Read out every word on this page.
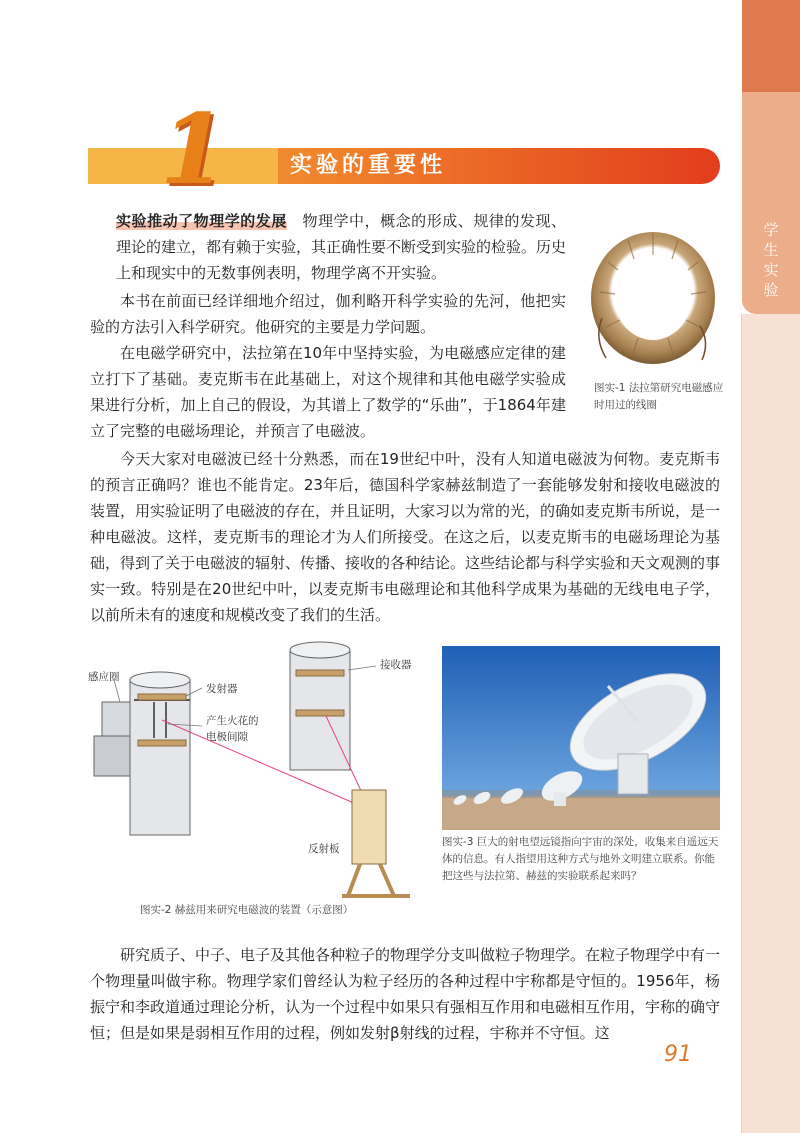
学
生
实
验
1	实验的重要性
实验推动了物理学的发展　 物理学中，概念的形成、规律的发现、理论的建立，都有赖于实验，其正确性要不断受到实验的检验。历史上和现实中的无数事例表明，物理学离不开实验。
本书在前面已经详细地介绍过，伽利略开科学实验的先河，他把实验的方法引入科学研究。他研究的主要是力学问题。
在电磁学研究中，法拉第在10年中坚持实验，为电磁感应定律的建立打下了基础。麦克斯韦在此基础上，对这个规律和其他电磁学实验成果进行分析，加上自己的假设，为其谱上了数学的“乐曲”，于1864年建立了完整的电磁场理论，并预言了电磁波。
今天大家对电磁波已经十分熟悉，而在19世纪中叶，没有人知道电磁波为何物。麦克斯韦的预言正确吗？谁也不能肯定。23年后，德国科学家赫兹制造了一套能够发射和接收电磁波的装置，用实验证明了电磁波的存在，并且证明，大家习以为常的光，的确如麦克斯韦所说，是一种电磁波。这样，麦克斯韦的理论才为人们所接受。在这之后，以麦克斯韦的电磁场理论为基础，得到了关于电磁波的辐射、传播、接收的各种结论。这些结论都与科学实验和天文观测的事实一致。特别是在20世纪中叶，以麦克斯韦电磁理论和其他科学成果为基础的无线电电子学，以前所未有的速度和规模改变了我们的生活。
图实-1 法拉第研究电磁感应时用过的线圈
感应圈
发射器
产生火花的
电极间隙
接收器
反射板
图实-2 赫兹用来研究电磁波的装置（示意图）
图实-3 巨大的射电望远镜指向宇宙的深处，收集来自遥远天体的信息。有人指望用这种方式与地外文明建立联系。你能把这些与法拉第、赫兹的实验联系起来吗？
研究质子、中子、电子及其他各种粒子的物理学分支叫做粒子物理学。在粒子物理学中有一个物理量叫做宇称。物理学家们曾经认为粒子经历的各种过程中宇称都是守恒的。1956年，杨振宁和李政道通过理论分析，认为一个过程中如果只有强相互作用和电磁相互作用，宇称的确守恒；但是如果是弱相互作用的过程，例如发射β射线的过程，宇称并不守恒。这
91
